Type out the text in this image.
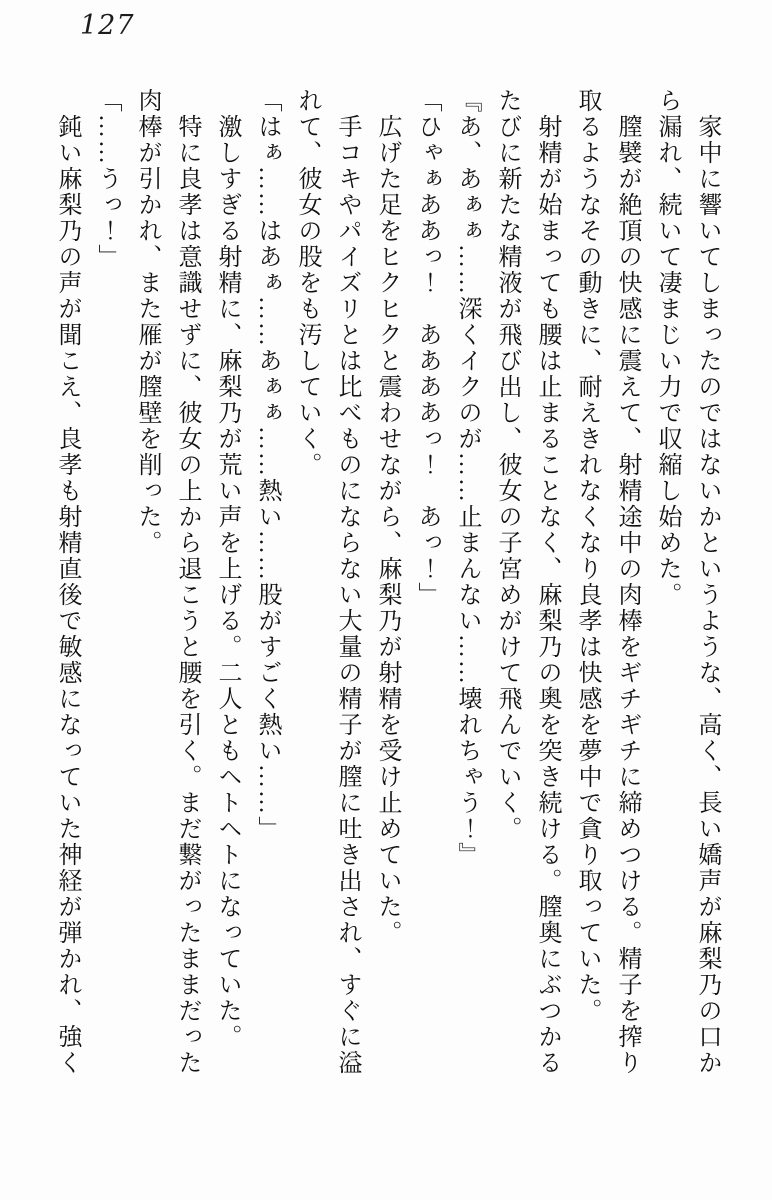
127

家中に響いてしまったのではないかというような、高く、長い嬌声が麻梨乃の口から漏れ、続いて凄まじい力で収縮し始めた。

膣襞が絶頂の快感に震えて、射精途中の肉棒をギチギチに締めつける。精子を搾り取るようなその動きに、耐えきれなくなり良孝は快感を夢中で貪り取っていた。

射精が始まっても腰は止まることなく、麻梨乃の奥を突き続ける。膣奥にぶつかるたびに新たな精液が飛び出し、彼女の子宮めがけて飛んでいく。

『あ、あぁぁ……深くイクのが……止まんない……壊れちゃう！』

「ひゃぁああっ！　ああああっ！　あっ！」

広げた足をヒクヒクと震わせながら、麻梨乃が射精を受け止めていた。

手コキやパイズリとは比べものにならない大量の精子が膣に吐き出され、すぐに溢れて、彼女の股をも汚していく。

「はぁ……はあぁ……あぁぁ……熱い……股がすごく熱い……」

激しすぎる射精に、麻梨乃が荒い声を上げる。二人ともヘトヘトになっていた。

特に良孝は意識せずに、彼女の上から退こうと腰を引く。まだ繋がったままだった肉棒が引かれ、また雁が膣壁を削った。

「……うっ！」

鈍い麻梨乃の声が聞こえ、良孝も射精直後で敏感になっていた神経が弾かれ、強く
